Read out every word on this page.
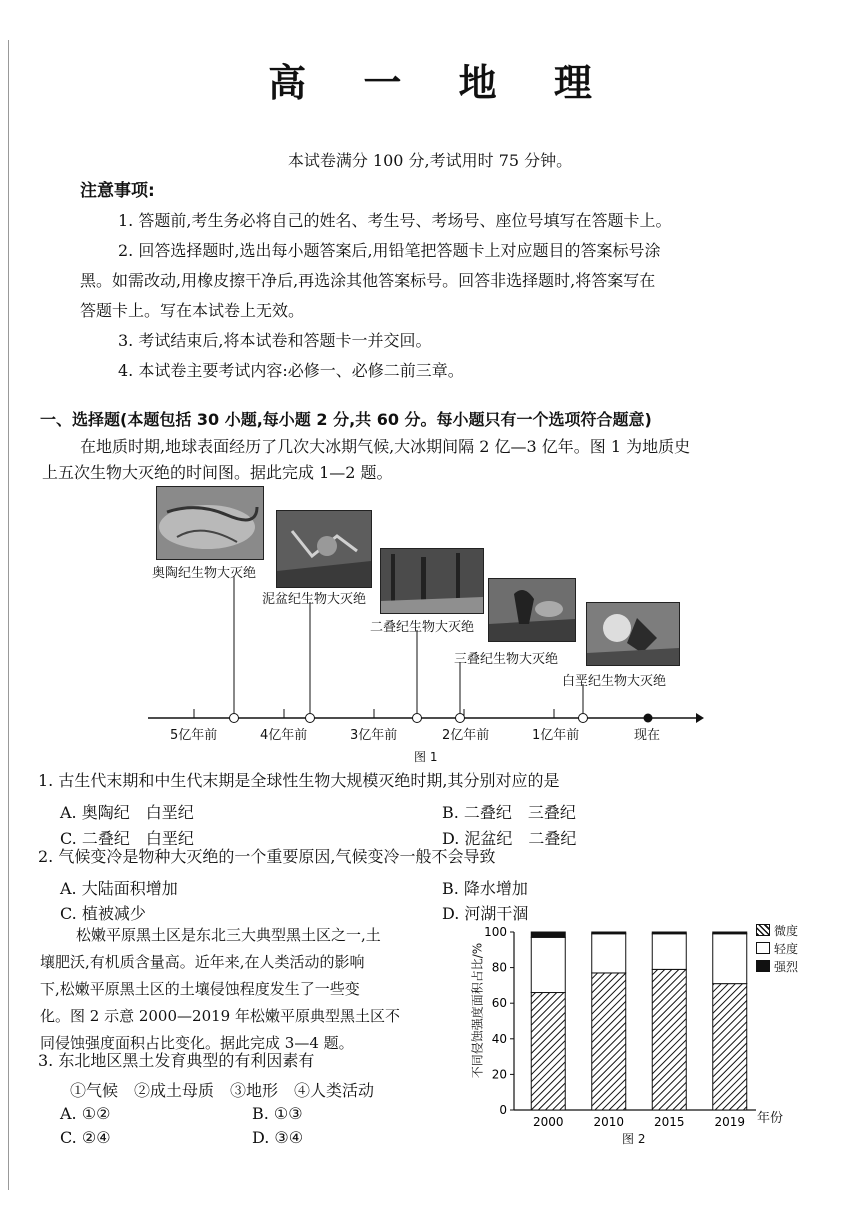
高 一 地 理
本试卷满分 100 分,考试用时 75 分钟。
注意事项:
1. 答题前,考生务必将自己的姓名、考生号、考场号、座位号填写在答题卡上。
2. 回答选择题时,选出每小题答案后,用铅笔把答题卡上对应题目的答案标号涂
黑。如需改动,用橡皮擦干净后,再选涂其他答案标号。回答非选择题时,将答案写在
答题卡上。写在本试卷上无效。
3. 考试结束后,将本试卷和答题卡一并交回。
4. 本试卷主要考试内容:必修一、必修二前三章。
一、选择题(本题包括 30 小题,每小题 2 分,共 60 分。每小题只有一个选项符合题意)
在地质时期,地球表面经历了几次大冰期气候,大冰期间隔 2 亿—3 亿年。图 1 为地质史
上五次生物大灭绝的时间图。据此完成 1—2 题。
奥陶纪生物大灭绝
泥盆纪生物大灭绝
二叠纪生物大灭绝
三叠纪生物大灭绝
白垩纪生物大灭绝
5亿年前	4亿年前	3亿年前	2亿年前	1亿年前	现在
图 1
1. 古生代末期和中生代末期是全球性生物大规模灭绝时期,其分别对应的是
A. 奥陶纪　白垩纪	B. 二叠纪　三叠纪
C. 二叠纪　白垩纪	D. 泥盆纪　二叠纪
2. 气候变冷是物种大灭绝的一个重要原因,气候变冷一般不会导致
A. 大陆面积增加	B. 降水增加
C. 植被减少	D. 河湖干涸
松嫩平原黑土区是东北三大典型黑土区之一,土
壤肥沃,有机质含量高。近年来,在人类活动的影响
下,松嫩平原黑土区的土壤侵蚀程度发生了一些变
化。图 2 示意 2000—2019 年松嫩平原典型黑土区不
同侵蚀强度面积占比变化。据此完成 3—4 题。
3. 东北地区黑土发育典型的有利因素有
①气候　②成土母质　③地形　④人类活动
A. ①②	B. ①③
C. ②④	D. ③④
0
20
40
60
80
100
2000 2010 2015 2019
不同侵蚀强度面积占比/%
年份
图 2
微度
轻度
强烈
